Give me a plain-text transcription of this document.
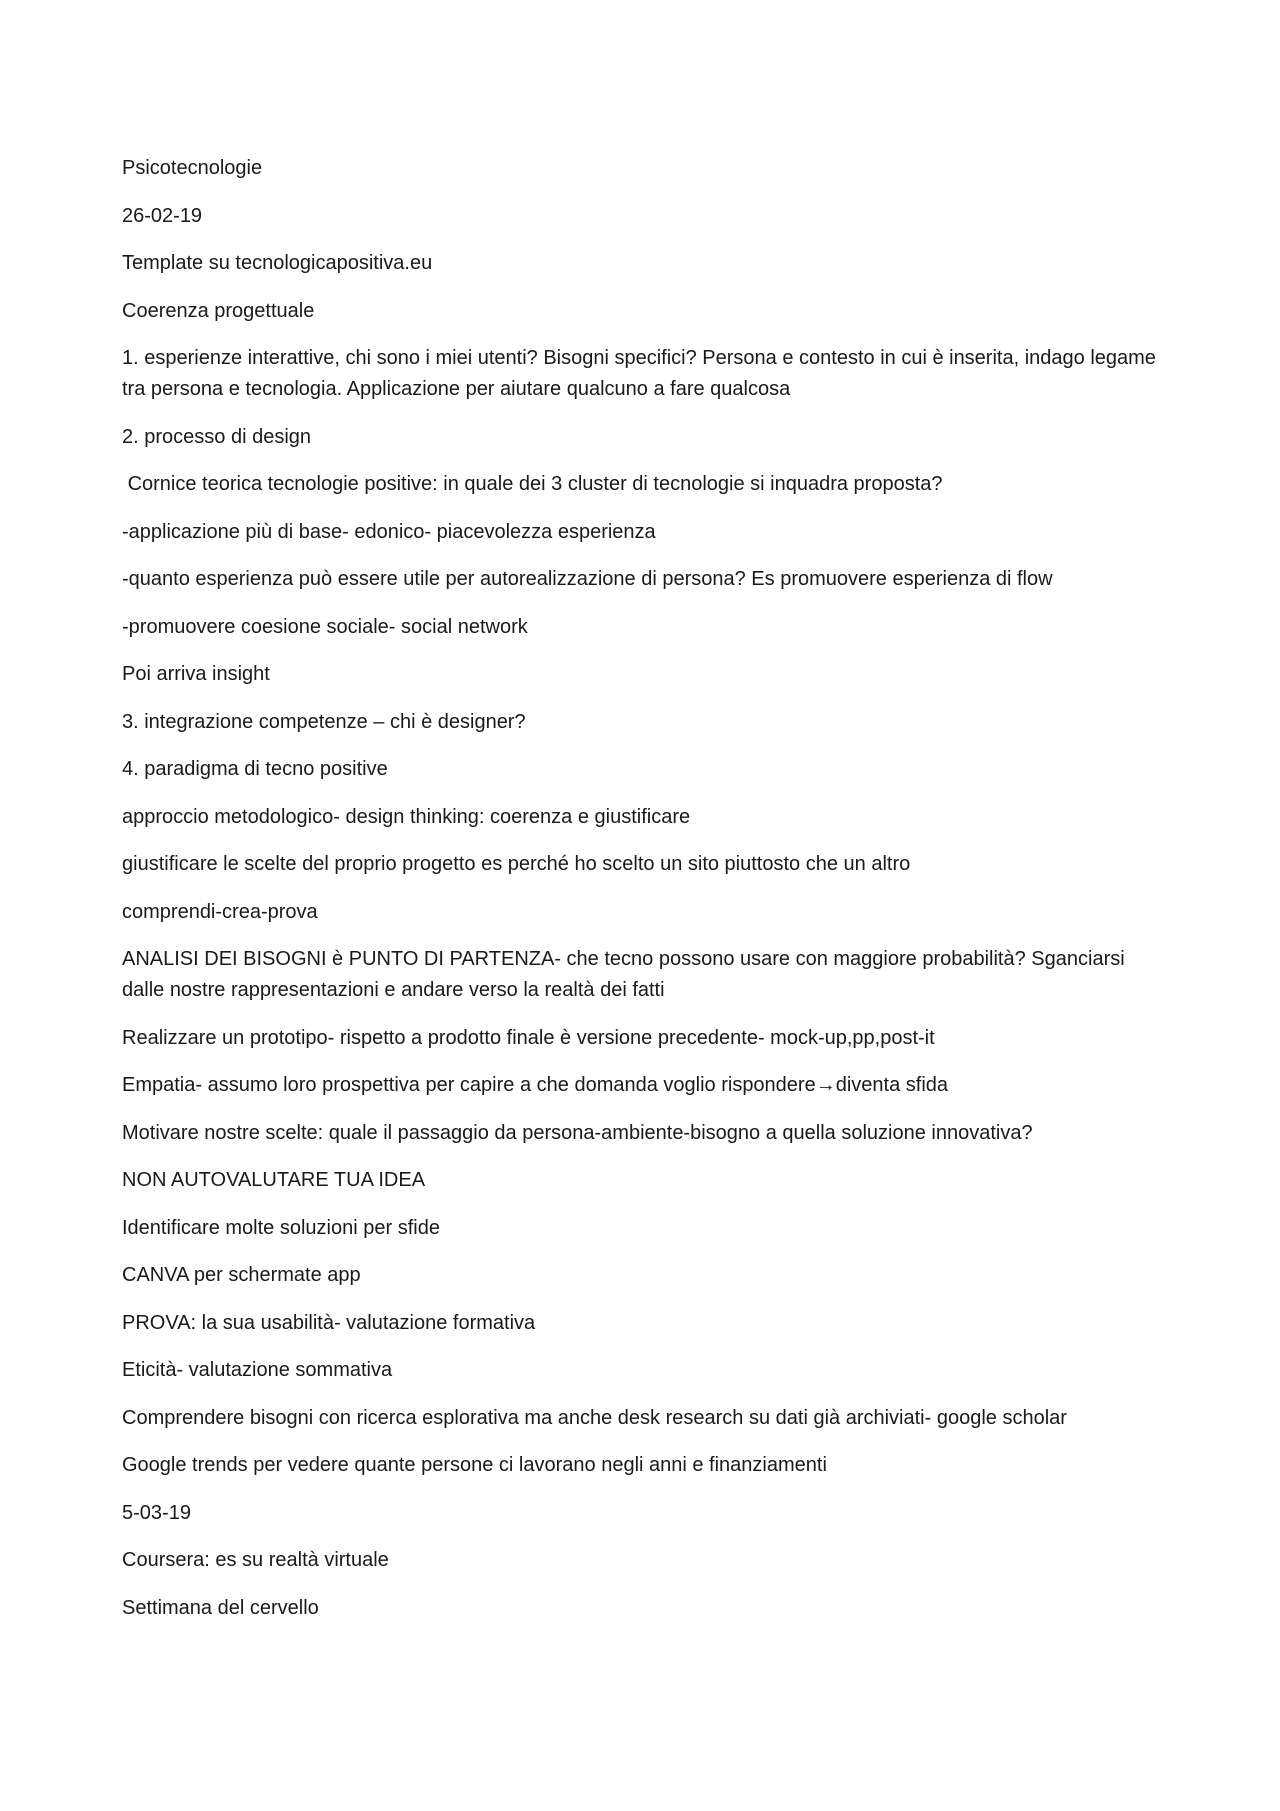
Psicotecnologie

26-02-19

Template su tecnologicapositiva.eu

Coerenza progettuale

1. esperienze interattive, chi sono i miei utenti? Bisogni specifici? Persona e contesto in cui è inserita, indago legame tra persona e tecnologia. Applicazione per aiutare qualcuno a fare qualcosa

2. processo di design

Cornice teorica tecnologie positive: in quale dei 3 cluster di tecnologie si inquadra proposta?

-applicazione più di base- edonico- piacevolezza esperienza

-quanto esperienza può essere utile per autorealizzazione di persona? Es promuovere esperienza di flow

-promuovere coesione sociale- social network

Poi arriva insight

3. integrazione competenze – chi è designer?

4. paradigma di tecno positive

approccio metodologico- design thinking: coerenza e giustificare

giustificare le scelte del proprio progetto es perché ho scelto un sito piuttosto che un altro

comprendi-crea-prova

ANALISI DEI BISOGNI è PUNTO DI PARTENZA- che tecno possono usare con maggiore probabilità? Sganciarsi dalle nostre rappresentazioni e andare verso la realtà dei fatti

Realizzare un prototipo- rispetto a prodotto finale è versione precedente- mock-up,pp,post-it

Empatia- assumo loro prospettiva per capire a che domanda voglio rispondere→diventa sfida

Motivare nostre scelte: quale il passaggio da persona-ambiente-bisogno a quella soluzione innovativa?

NON AUTOVALUTARE TUA IDEA

Identificare molte soluzioni per sfide

CANVA per schermate app

PROVA: la sua usabilità- valutazione formativa

Eticità- valutazione sommativa

Comprendere bisogni con ricerca esplorativa ma anche desk research su dati già archiviati- google scholar

Google trends per vedere quante persone ci lavorano negli anni e finanziamenti

5-03-19

Coursera: es su realtà virtuale

Settimana del cervello
